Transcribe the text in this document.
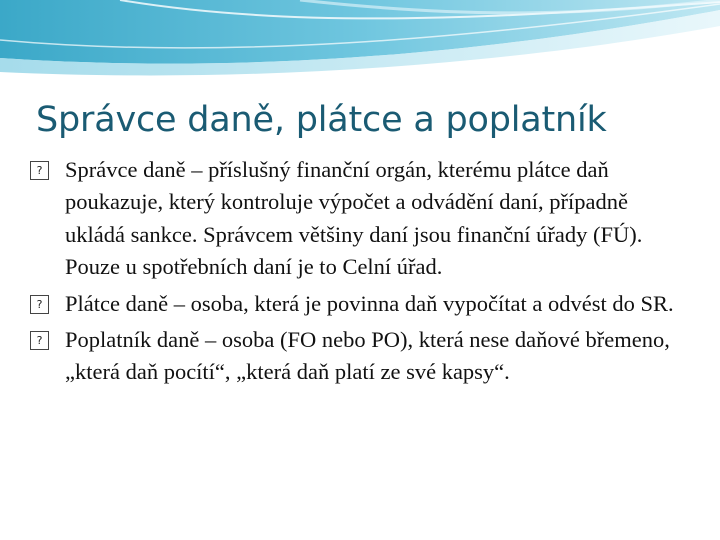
Správce daně, plátce a poplatník
? Správce daně – příslušný finanční orgán, kterému plátce daň poukazuje, který kontroluje výpočet a odvádění daní, případně ukládá sankce. Správcem většiny daní jsou finanční úřady (FÚ). Pouze u spotřebních daní je to Celní úřad.
? Plátce daně – osoba, která je povinna daň vypočítat a odvést do SR.
? Poplatník daně – osoba (FO nebo PO), která nese daňové břemeno, „která daň pocítí“, „která daň platí ze své kapsy“.
